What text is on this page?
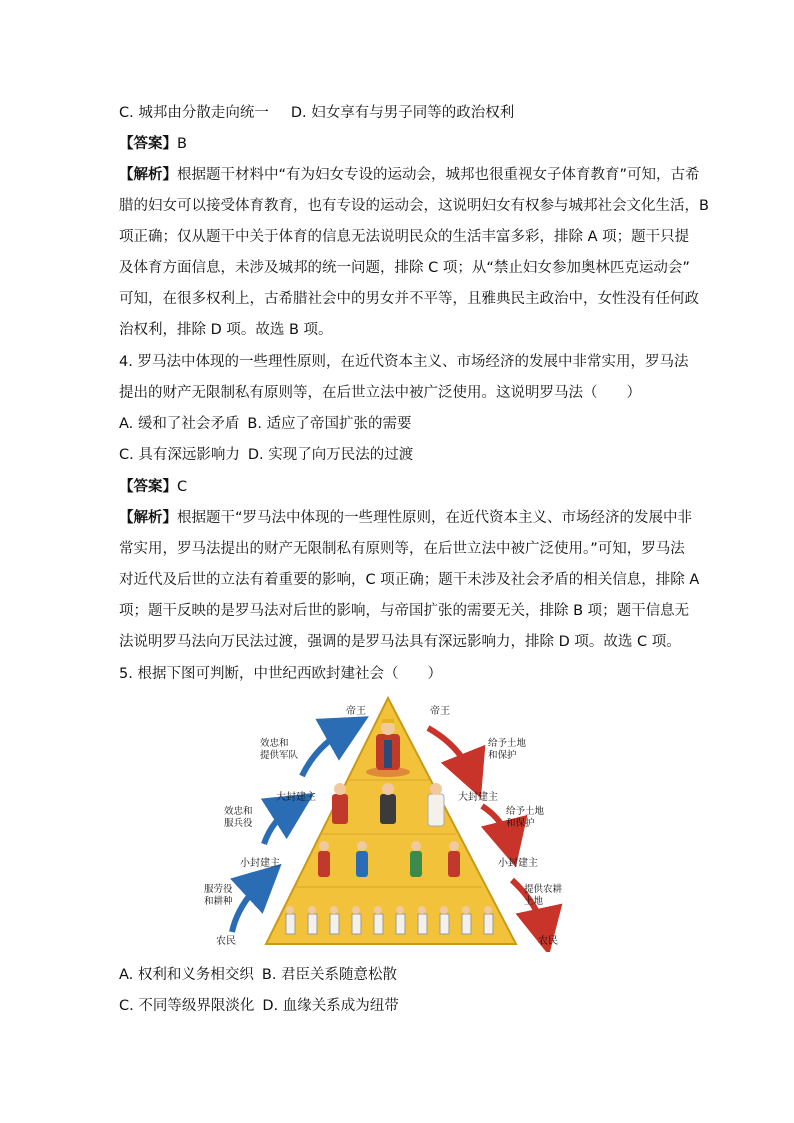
C. 城邦由分散走向统一 D. 妇女享有与男子同等的政治权利
【答案】B
【解析】根据题干材料中“有为妇女专设的运动会，城邦也很重视女子体育教育”可知，古希
腊的妇女可以接受体育教育，也有专设的运动会，这说明妇女有权参与城邦社会文化生活，B
项正确；仅从题干中关于体育的信息无法说明民众的生活丰富多彩，排除 A 项；题干只提
及体育方面信息，未涉及城邦的统一问题，排除 C 项；从“禁止妇女参加奥林匹克运动会”
可知，在很多权利上，古希腊社会中的男女并不平等，且雅典民主政治中，女性没有任何政
治权利，排除 D 项。故选 B 项。
4. 罗马法中体现的一些理性原则，在近代资本主义、市场经济的发展中非常实用，罗马法
提出的财产无限制私有原则等，在后世立法中被广泛使用。这说明罗马法（　　）
A. 缓和了社会矛盾 B. 适应了帝国扩张的需要
C. 具有深远影响力 D. 实现了向万民法的过渡
【答案】C
【解析】根据题干“罗马法中体现的一些理性原则，在近代资本主义、市场经济的发展中非
常实用，罗马法提出的财产无限制私有原则等，在后世立法中被广泛使用。”可知，罗马法
对近代及后世的立法有着重要的影响，C 项正确；题干未涉及社会矛盾的相关信息，排除 A
项；题干反映的是罗马法对后世的影响，与帝国扩张的需要无关，排除 B 项；题干信息无
法说明罗马法向万民法过渡，强调的是罗马法具有深远影响力，排除 D 项。故选 C 项。
5. 根据下图可判断，中世纪西欧封建社会（　　）
帝王
大封建主
小封建主
农民
帝王
大封建主
小封建主
农民
效忠和
提供军队
效忠和
服兵役
服劳役
和耕种
给予土地
和保护
给予土地
和保护
提供农耕
土地
A. 权利和义务相交织 B. 君臣关系随意松散
C. 不同等级界限淡化 D. 血缘关系成为纽带
